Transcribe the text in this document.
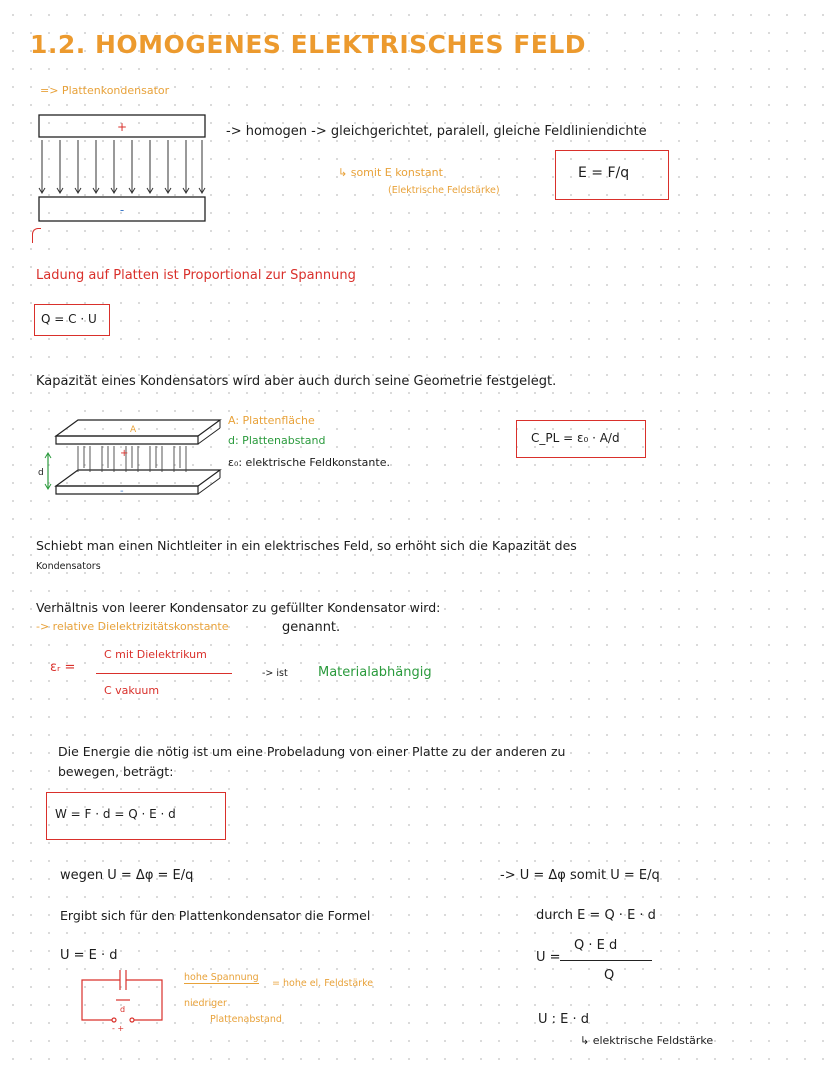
1.2. HOMOGENES ELEKTRISCHES FELD
=> Plattenkondensator
+
-
-> homogen -> gleichgerichtet, paralell, gleiche Feldliniendichte
↳ somit E konstant
(Elektrische Feldstärke)
E = F/q
Ladung auf Platten ist Proportional zur Spannung
Q = C · U
Kapazität eines Kondensators wird aber auch durch seine Geometrie festgelegt.
d
A
+
-
A: Plattenfläche
d: Plattenabstand
ε₀: elektrische Feldkonstante.
C_PL = ε₀ · A/d
Schiebt man einen Nichtleiter in ein elektrisches Feld, so erhöht sich die Kapazität des
Kondensators
Verhältnis von leerer Kondensator zu gefüllter Kondensator wird:
-> relative Dielektrizitätskonstante	genannt.
εᵣ =
C mit Dielektrikum
C vakuum
-> ist Materialabhängig
Die Energie die nötig ist um eine Probeladung von einer Platte zu der anderen zu
bewegen, beträgt:
W = F · d = Q · E · d
wegen U = Δφ = E/q
Ergibt sich für den Plattenkondensator die Formel
U = E · d
d
- +
hohe Spannung
= hohe el. Feldstärke
niedriger
Plattenabstand
-> U = Δφ somit U = E/q
durch E = Q · E · d
U =
Q · E d
Q
U : E · d
↳ elektrische Feldstärke
